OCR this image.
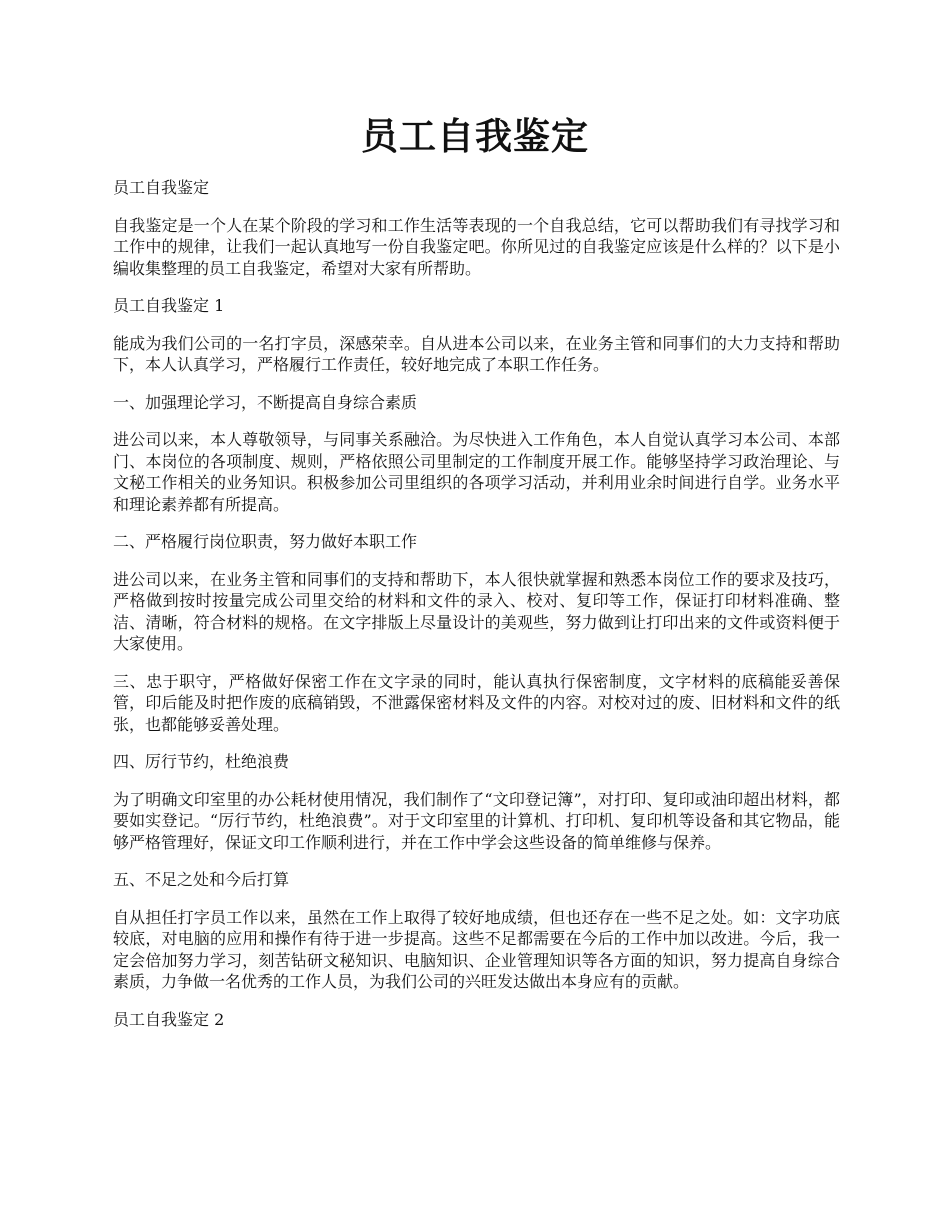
员工自我鉴定

员工自我鉴定

自我鉴定是一个人在某个阶段的学习和工作生活等表现的一个自我总结，它可以帮助我们有寻找学习和工作中的规律，让我们一起认真地写一份自我鉴定吧。你所见过的自我鉴定应该是什么样的？以下是小编收集整理的员工自我鉴定，希望对大家有所帮助。

员工自我鉴定 1

能成为我们公司的一名打字员，深感荣幸。自从进本公司以来，在业务主管和同事们的大力支持和帮助下，本人认真学习，严格履行工作责任，较好地完成了本职工作任务。

一、加强理论学习，不断提高自身综合素质

进公司以来，本人尊敬领导，与同事关系融洽。为尽快进入工作角色，本人自觉认真学习本公司、本部门、本岗位的各项制度、规则，严格依照公司里制定的工作制度开展工作。能够坚持学习政治理论、与文秘工作相关的业务知识。积极参加公司里组织的各项学习活动，并利用业余时间进行自学。业务水平和理论素养都有所提高。

二、严格履行岗位职责，努力做好本职工作

进公司以来，在业务主管和同事们的支持和帮助下，本人很快就掌握和熟悉本岗位工作的要求及技巧，严格做到按时按量完成公司里交给的材料和文件的录入、校对、复印等工作，保证打印材料准确、整洁、清晰，符合材料的规格。在文字排版上尽量设计的美观些，努力做到让打印出来的文件或资料便于大家使用。

三、忠于职守，严格做好保密工作在文字录的同时，能认真执行保密制度，文字材料的底稿能妥善保管，印后能及时把作废的底稿销毁，不泄露保密材料及文件的内容。对校对过的废、旧材料和文件的纸张，也都能够妥善处理。

四、厉行节约，杜绝浪费

为了明确文印室里的办公耗材使用情况，我们制作了“文印登记簿”，对打印、复印或油印超出材料，都要如实登记。“厉行节约，杜绝浪费”。对于文印室里的计算机、打印机、复印机等设备和其它物品，能够严格管理好，保证文印工作顺利进行，并在工作中学会这些设备的简单维修与保养。

五、不足之处和今后打算

自从担任打字员工作以来，虽然在工作上取得了较好地成绩，但也还存在一些不足之处。如：文字功底较底，对电脑的应用和操作有待于进一步提高。这些不足都需要在今后的工作中加以改进。今后，我一定会倍加努力学习，刻苦钻研文秘知识、电脑知识、企业管理知识等各方面的知识，努力提高自身综合素质，力争做一名优秀的工作人员，为我们公司的兴旺发达做出本身应有的贡献。

员工自我鉴定 2
